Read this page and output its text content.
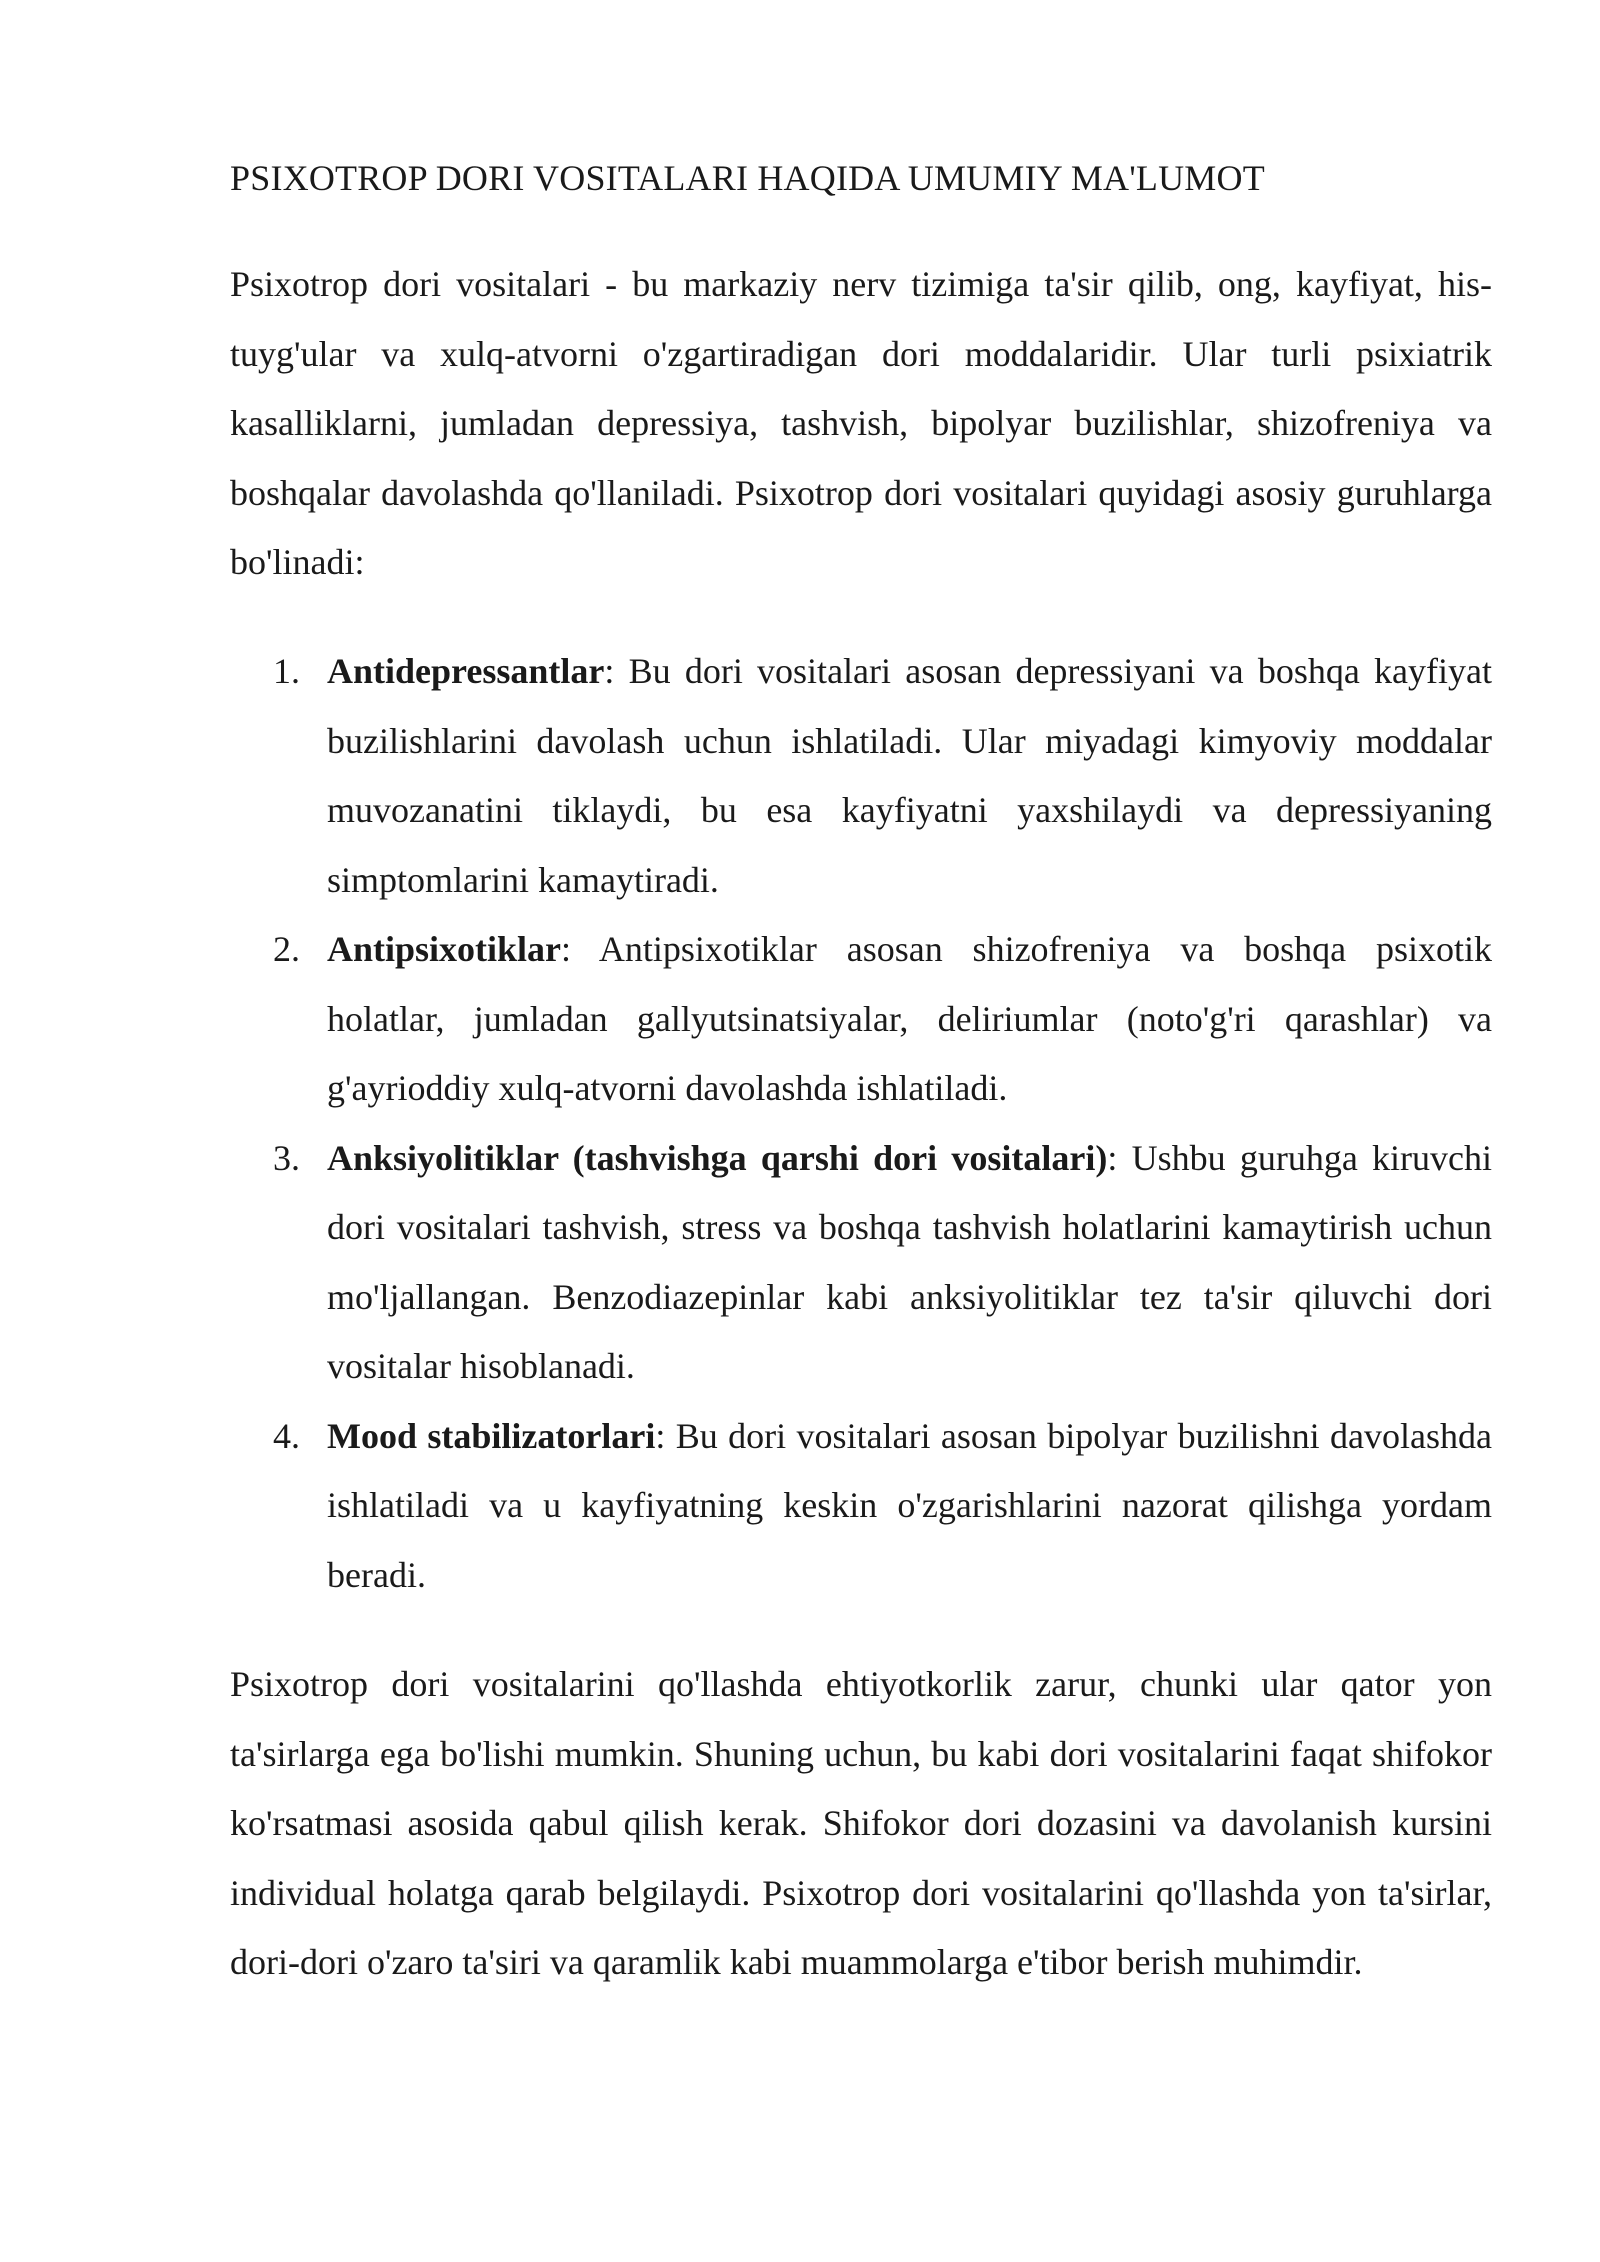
PSIXOTROP DORI VOSITALARI HAQIDA UMUMIY MA'LUMOT

Psixotrop dori vositalari - bu markaziy nerv tizimiga ta'sir qilib, ong, kayfiyat, his-tuyg'ular va xulq-atvorni o'zgartiradigan dori moddalaridir. Ular turli psixiatrik kasalliklarni, jumladan depressiya, tashvish, bipolyar buzilishlar, shizofreniya va boshqalar davolashda qo'llaniladi. Psixotrop dori vositalari quyidagi asosiy guruhlarga bo'linadi:

1. Antidepressantlar: Bu dori vositalari asosan depressiyani va boshqa kayfiyat buzilishlarini davolash uchun ishlatiladi. Ular miyadagi kimyoviy moddalar muvozanatini tiklaydi, bu esa kayfiyatni yaxshilaydi va depressiyaning simptomlarini kamaytiradi.
2. Antipsixotiklar: Antipsixotiklar asosan shizofreniya va boshqa psixotik holatlar, jumladan gallyutsinatsiyalar, deliriumlar (noto'g'ri qarashlar) va g'ayrioddiy xulq-atvorni davolashda ishlatiladi.
3. Anksiyolitiklar (tashvishga qarshi dori vositalari): Ushbu guruhga kiruvchi dori vositalari tashvish, stress va boshqa tashvish holatlarini kamaytirish uchun mo'ljallangan. Benzodiazepinlar kabi anksiyolitiklar tez ta'sir qiluvchi dori vositalar hisoblanadi.
4. Mood stabilizatorlari: Bu dori vositalari asosan bipolyar buzilishni davolashda ishlatiladi va u kayfiyatning keskin o'zgarishlarini nazorat qilishga yordam beradi.

Psixotrop dori vositalarini qo'llashda ehtiyotkorlik zarur, chunki ular qator yon ta'sirlarga ega bo'lishi mumkin. Shuning uchun, bu kabi dori vositalarini faqat shifokor ko'rsatmasi asosida qabul qilish kerak. Shifokor dori dozasini va davolanish kursini individual holatga qarab belgilaydi. Psixotrop dori vositalarini qo'llashda yon ta'sirlar, dori-dori o'zaro ta'siri va qaramlik kabi muammolarga e'tibor berish muhimdir.
